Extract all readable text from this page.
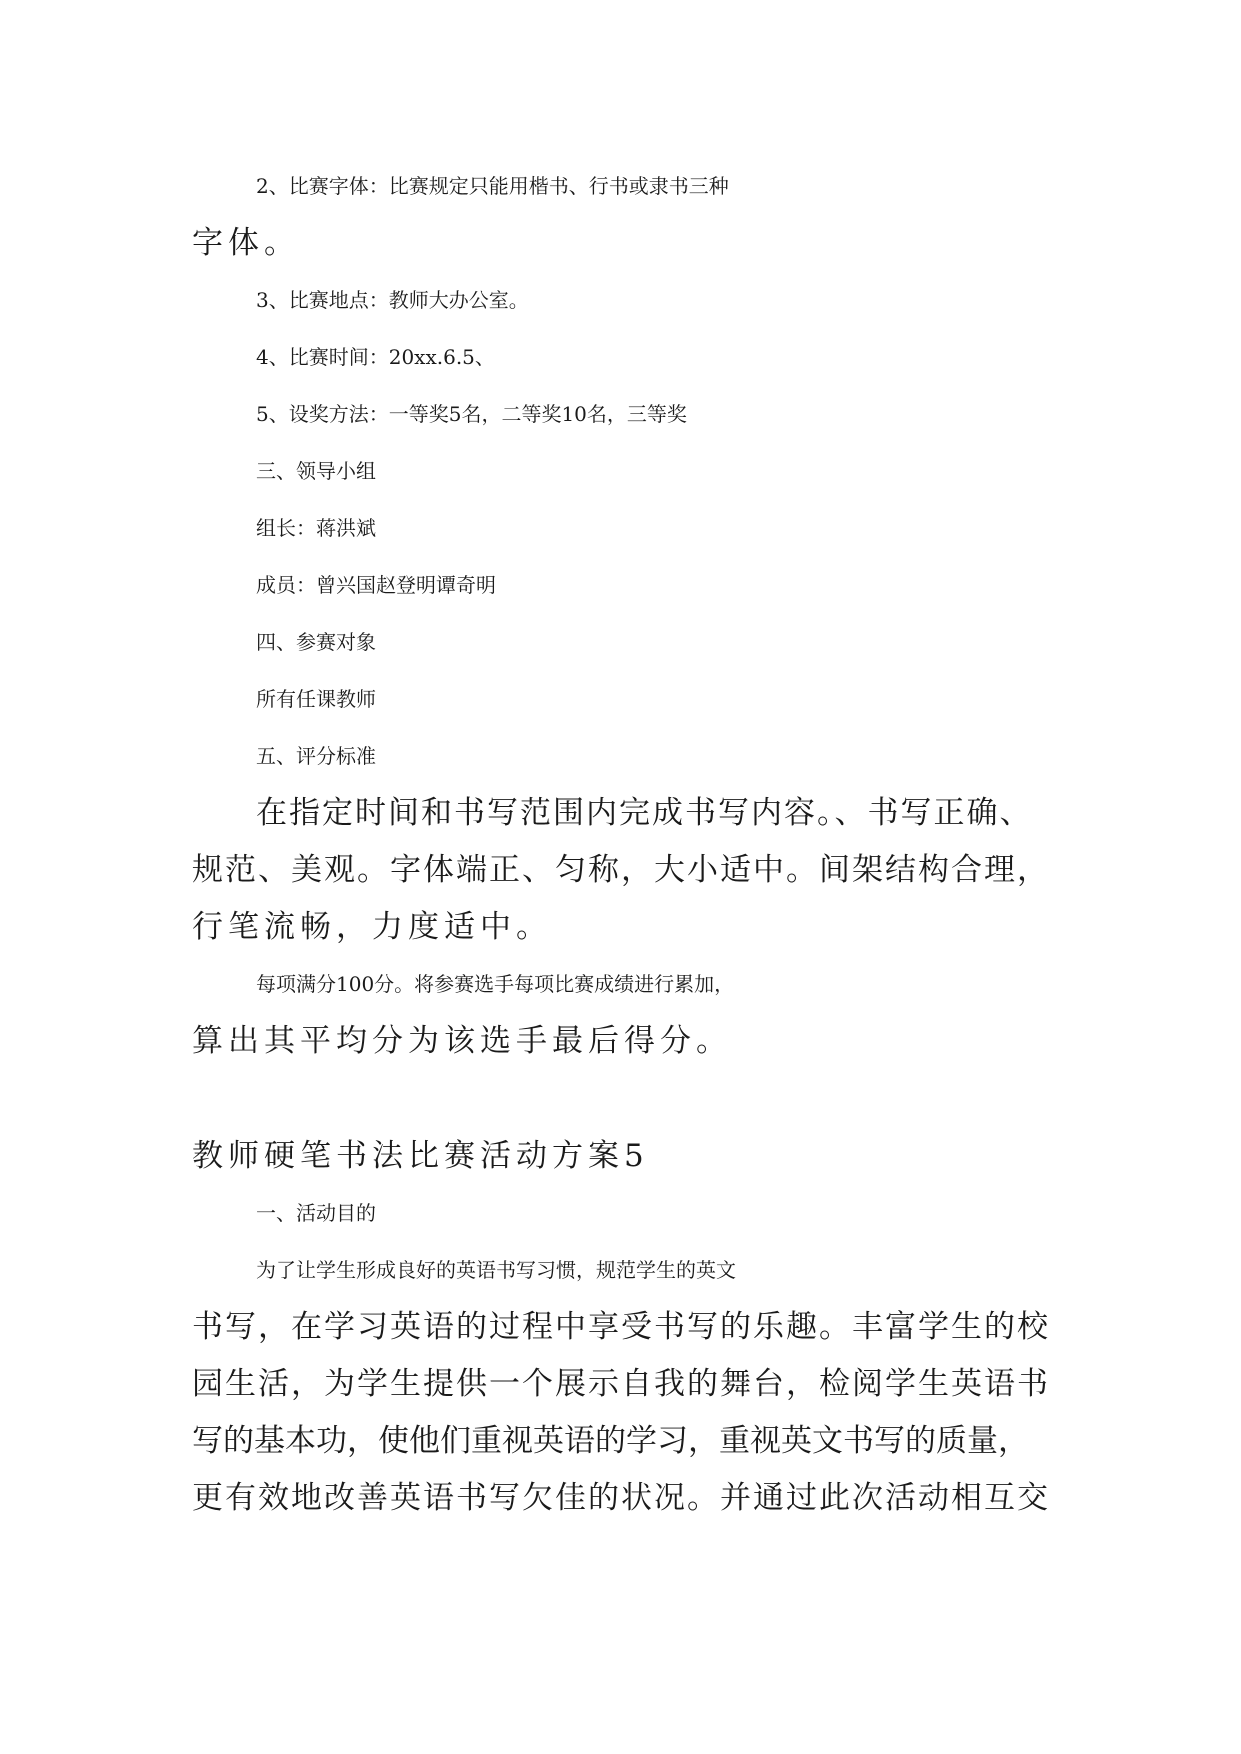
2、比赛字体：比赛规定只能用楷书、行书或隶书三种

字体。

3、比赛地点：教师大办公室。

4、比赛时间：20xx.6.5、

5、设奖方法：一等奖5名，二等奖10名，三等奖

三、领导小组

组长：蒋洪斌

成员：曾兴国赵登明谭奇明

四、参赛对象

所有任课教师

五、评分标准

在指定时间和书写范围内完成书写内容。、书写正确、

规范、美观。字体端正、匀称，大小适中。间架结构合理，

行笔流畅，力度适中。

每项满分100分。将参赛选手每项比赛成绩进行累加，

算出其平均分为该选手最后得分。

教师硬笔书法比赛活动方案5

一、活动目的

为了让学生形成良好的英语书写习惯，规范学生的英文

书写，在学习英语的过程中享受书写的乐趣。丰富学生的校

园生活，为学生提供一个展示自我的舞台，检阅学生英语书

写的基本功，使他们重视英语的学习，重视英文书写的质量，

更有效地改善英语书写欠佳的状况。并通过此次活动相互交
